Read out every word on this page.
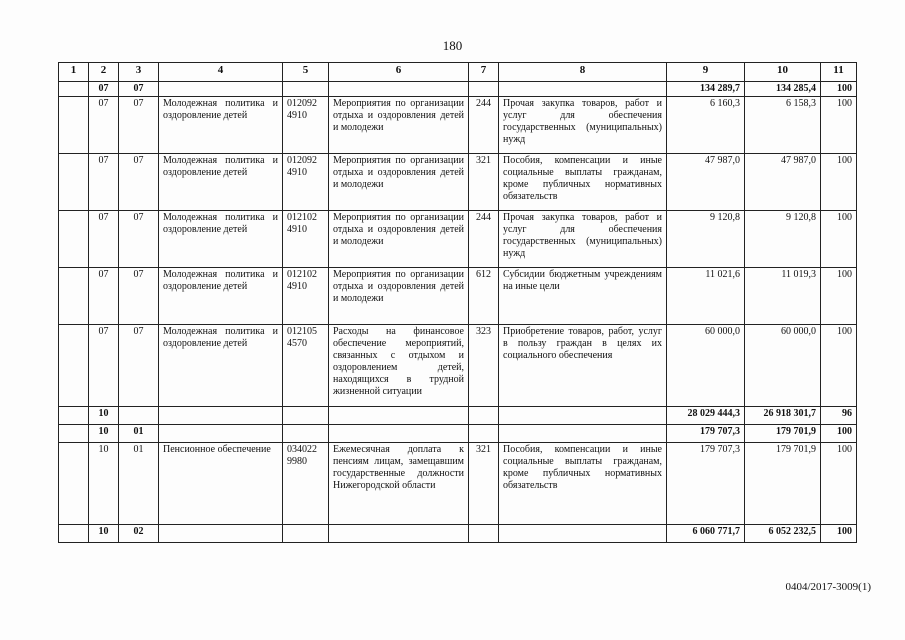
180
1	2	3	4	5	6	7	8	9	10	11
	07	07						134 289,7	134 285,4	100
	07	07	Молодежная политика и оздоровление детей	012092 4910	Мероприятия по организации отдыха и оздоровления детей и молодежи	244	Прочая закупка товаров, работ и услуг для обеспечения государственных (муниципальных) нужд	6 160,3	6 158,3	100
	07	07	Молодежная политика и оздоровление детей	012092 4910	Мероприятия по организации отдыха и оздоровления детей и молодежи	321	Пособия, компенсации и иные социальные выплаты гражданам, кроме публичных нормативных обязательств	47 987,0	47 987,0	100
	07	07	Молодежная политика и оздоровление детей	012102 4910	Мероприятия по организации отдыха и оздоровления детей и молодежи	244	Прочая закупка товаров, работ и услуг для обеспечения государственных (муниципальных) нужд	9 120,8	9 120,8	100
	07	07	Молодежная политика и оздоровление детей	012102 4910	Мероприятия по организации отдыха и оздоровления детей и молодежи	612	Субсидии бюджетным учреждениям на иные цели	11 021,6	11 019,3	100
	07	07	Молодежная политика и оздоровление детей	012105 4570	Расходы на финансовое обеспечение мероприятий, связанных с отдыхом и оздоровлением детей, находящихся в трудной жизненной ситуации	323	Приобретение товаров, работ, услуг в пользу граждан в целях их социального обеспечения	60 000,0	60 000,0	100
	10							28 029 444,3	26 918 301,7	96
	10	01						179 707,3	179 701,9	100
	10	01	Пенсионное обеспечение	034022 9980	Ежемесячная доплата к пенсиям лицам, замещавшим государственные должности Нижегородской области	321	Пособия, компенсации и иные социальные выплаты гражданам, кроме публичных нормативных обязательств	179 707,3	179 701,9	100
	10	02						6 060 771,7	6 052 232,5	100
0404/2017-3009(1)
